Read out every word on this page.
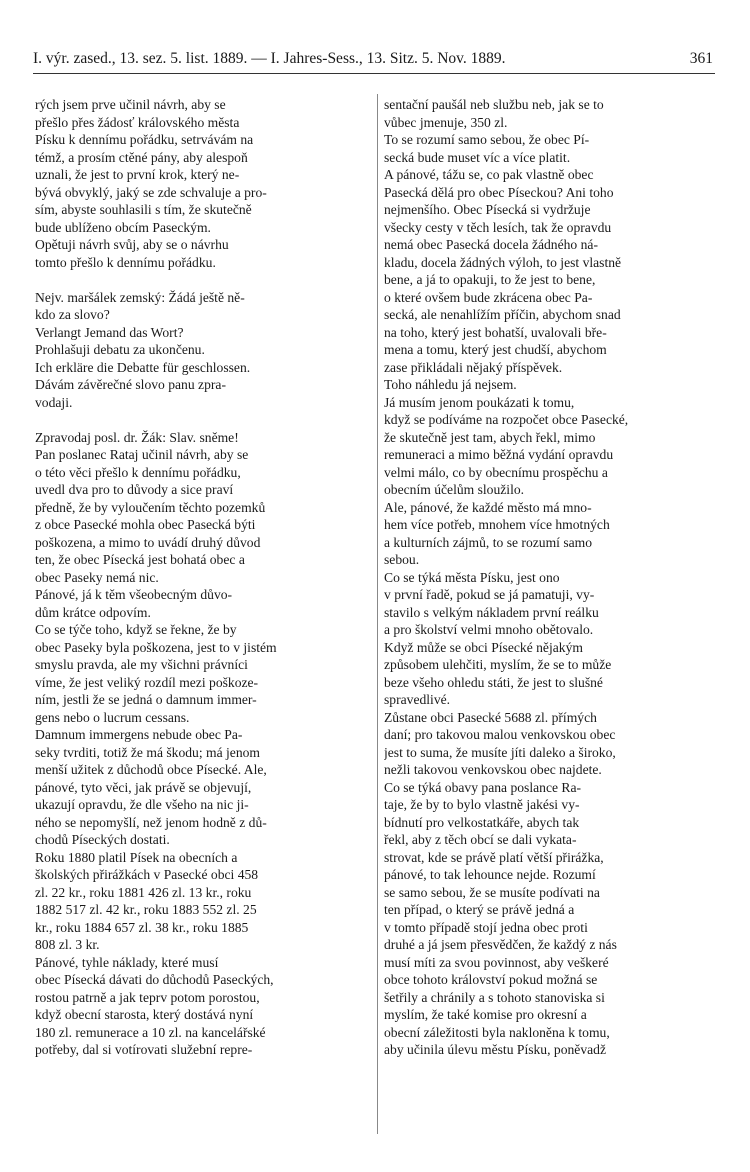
I. výr. zased., 13. sez. 5. list. 1889. — I. Jahres-Sess., 13. Sitz. 5. Nov. 1889.	361
rých jsem prve učinil návrh, aby se
přešlo přes žádosť královského města
Písku k dennímu pořádku, setrvávám na
témž, a prosím ctěné pány, aby alespoň
uznali, že jest to první krok, který ne-
bývá obvyklý, jaký se zde schvaluje a pro-
sím, abyste souhlasili s tím, že skutečně
bude ublíženo obcím Paseckým.
Opětuji návrh svůj, aby se o návrhu
tomto přešlo k dennímu pořádku.
Nejv. maršálek zemský: Žádá ještě ně-
kdo za slovo?
Verlangt Jemand das Wort?
Prohlašuji debatu za ukončenu.
Ich erkläre die Debatte für geschlossen.
Dávám závěrečné slovo panu zpra-
vodaji.
Zpravodaj posl. dr. Žák: Slav. sněme!
Pan poslanec Rataj učinil návrh, aby se
o této věci přešlo k dennímu pořádku,
uvedl dva pro to důvody a sice praví
předně, že by vyloučením těchto pozemků
z obce Pasecké mohla obec Pasecká býti
poškozena, a mimo to uvádí druhý důvod
ten, že obec Písecká jest bohatá obec a
obec Paseky nemá nic.
Pánové, já k těm všeobecným důvo-
dům krátce odpovím.
Co se týče toho, když se řekne, že by
obec Paseky byla poškozena, jest to v jistém
smyslu pravda, ale my všichni právníci
víme, že jest veliký rozdíl mezi poškoze-
ním, jestli že se jedná o damnum immer-
gens nebo o lucrum cessans.
Damnum immergens nebude obec Pa-
seky tvrditi, totiž že má škodu; má jenom
menší užitek z důchodů obce Písecké. Ale,
pánové, tyto věci, jak právě se objevují,
ukazují opravdu, že dle všeho na nic ji-
ného se nepomyšlí, než jenom hodně z dů-
chodů Píseckých dostati.
Roku 1880 platil Písek na obecních a
školských přirážkách v Pasecké obci 458
zl. 22 kr., roku 1881 426 zl. 13 kr., roku
1882 517 zl. 42 kr., roku 1883 552 zl. 25
kr., roku 1884 657 zl. 38 kr., roku 1885
808 zl. 3 kr.
Pánové, tyhle náklady, které musí
obec Písecká dávati do důchodů Paseckých,
rostou patrně a jak teprv potom porostou,
když obecní starosta, který dostává nyní
180 zl. remunerace a 10 zl. na kancelářské
potřeby, dal si votírovati služební repre-
sentační paušál neb službu neb, jak se to
vůbec jmenuje, 350 zl.
To se rozumí samo sebou, že obec Pí-
secká bude muset víc a více platit.
A pánové, tážu se, co pak vlastně obec
Pasecká dělá pro obec Píseckou? Ani toho
nejmenšího. Obec Písecká si vydržuje
všecky cesty v těch lesích, tak že opravdu
nemá obec Pasecká docela žádného ná-
kladu, docela žádných výloh, to jest vlastně
bene, a já to opakuji, to že jest to bene,
o které ovšem bude zkrácena obec Pa-
secká, ale nenahlížím příčin, abychom snad
na toho, který jest bohatší, uvalovali bře-
mena a tomu, který jest chudší, abychom
zase přikládali nějaký příspěvek.
Toho náhledu já nejsem.
Já musím jenom poukázati k tomu,
když se podíváme na rozpočet obce Pasecké,
že skutečně jest tam, abych řekl, mimo
remuneraci a mimo běžná vydání opravdu
velmi málo, co by obecnímu prospěchu a
obecním účelům sloužilo.
Ale, pánové, že každé město má mno-
hem více potřeb, mnohem více hmotných
a kulturních zájmů, to se rozumí samo
sebou.
Co se týká města Písku, jest ono
v první řadě, pokud se já pamatuji, vy-
stavilo s velkým nákladem první reálku
a pro školství velmi mnoho obětovalo.
Když může se obci Písecké nějakým
způsobem ulehčiti, myslím, že se to může
beze všeho ohledu státi, že jest to slušné
spravedlivé.
Zůstane obci Pasecké 5688 zl. přímých
daní; pro takovou malou venkovskou obec
jest to suma, že musíte jíti daleko a široko,
nežli takovou venkovskou obec najdete.
Co se týká obavy pana poslance Ra-
taje, že by to bylo vlastně jakési vy-
bídnutí pro velkostatkáře, abych tak
řekl, aby z těch obcí se dali vykata-
strovat, kde se právě platí větší přirážka,
pánové, to tak lehounce nejde. Rozumí
se samo sebou, že se musíte podívati na
ten případ, o který se právě jedná a
v tomto případě stojí jedna obec proti
druhé a já jsem přesvědčen, že každý z nás
musí míti za svou povinnost, aby veškeré
obce tohoto království pokud možná se
šetřily a chránily a s tohoto stanoviska si
myslím, že také komise pro okresní a
obecní záležitosti byla nakloněna k tomu,
aby učinila úlevu městu Písku, poněvadž
